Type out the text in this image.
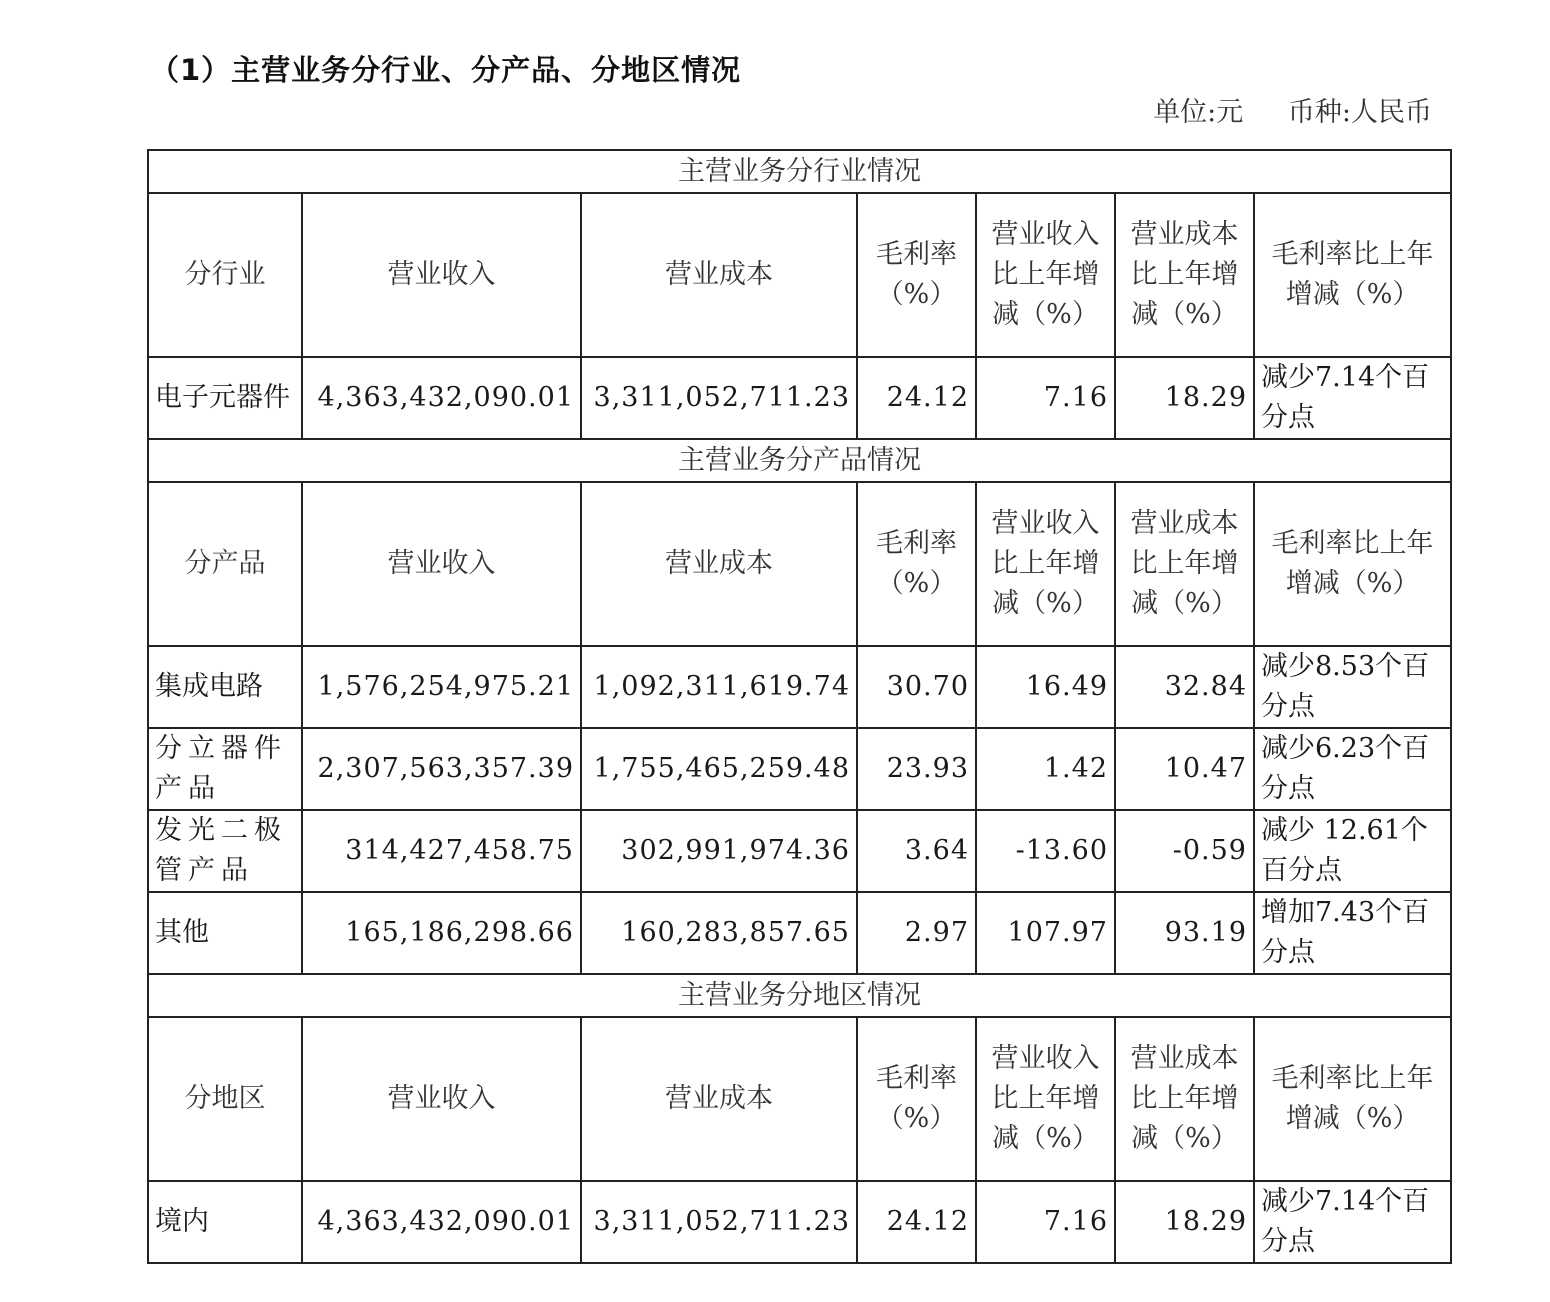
（1）主营业务分行业、分产品、分地区情况
单位:元 币种:人民币
主营业务分行业情况						
分行业	营业收入	营业成本	毛利率（%）	营业收入比上年增减（%）	营业成本比上年增减（%）	毛利率比上年增减（%）
电子元器件	4,363,432,090.01	3,311,052,711.23	24.12	7.16	18.29	减少7.14个百分点
主营业务分产品情况						
分产品	营业收入	营业成本	毛利率（%）	营业收入比上年增减（%）	营业成本比上年增减（%）	毛利率比上年增减（%）
集成电路	1,576,254,975.21	1,092,311,619.74	30.70	16.49	32.84	减少8.53个百分点
分立器件产品	2,307,563,357.39	1,755,465,259.48	23.93	1.42	10.47	减少6.23个百分点
发光二极管产品	314,427,458.75	302,991,974.36	3.64	-13.60	-0.59	减少 12.61个百分点
其他	165,186,298.66	160,283,857.65	2.97	107.97	93.19	增加7.43个百分点
主营业务分地区情况						
分地区	营业收入	营业成本	毛利率（%）	营业收入比上年增减（%）	营业成本比上年增减（%）	毛利率比上年增减（%）
境内	4,363,432,090.01	3,311,052,711.23	24.12	7.16	18.29	减少7.14个百分点
